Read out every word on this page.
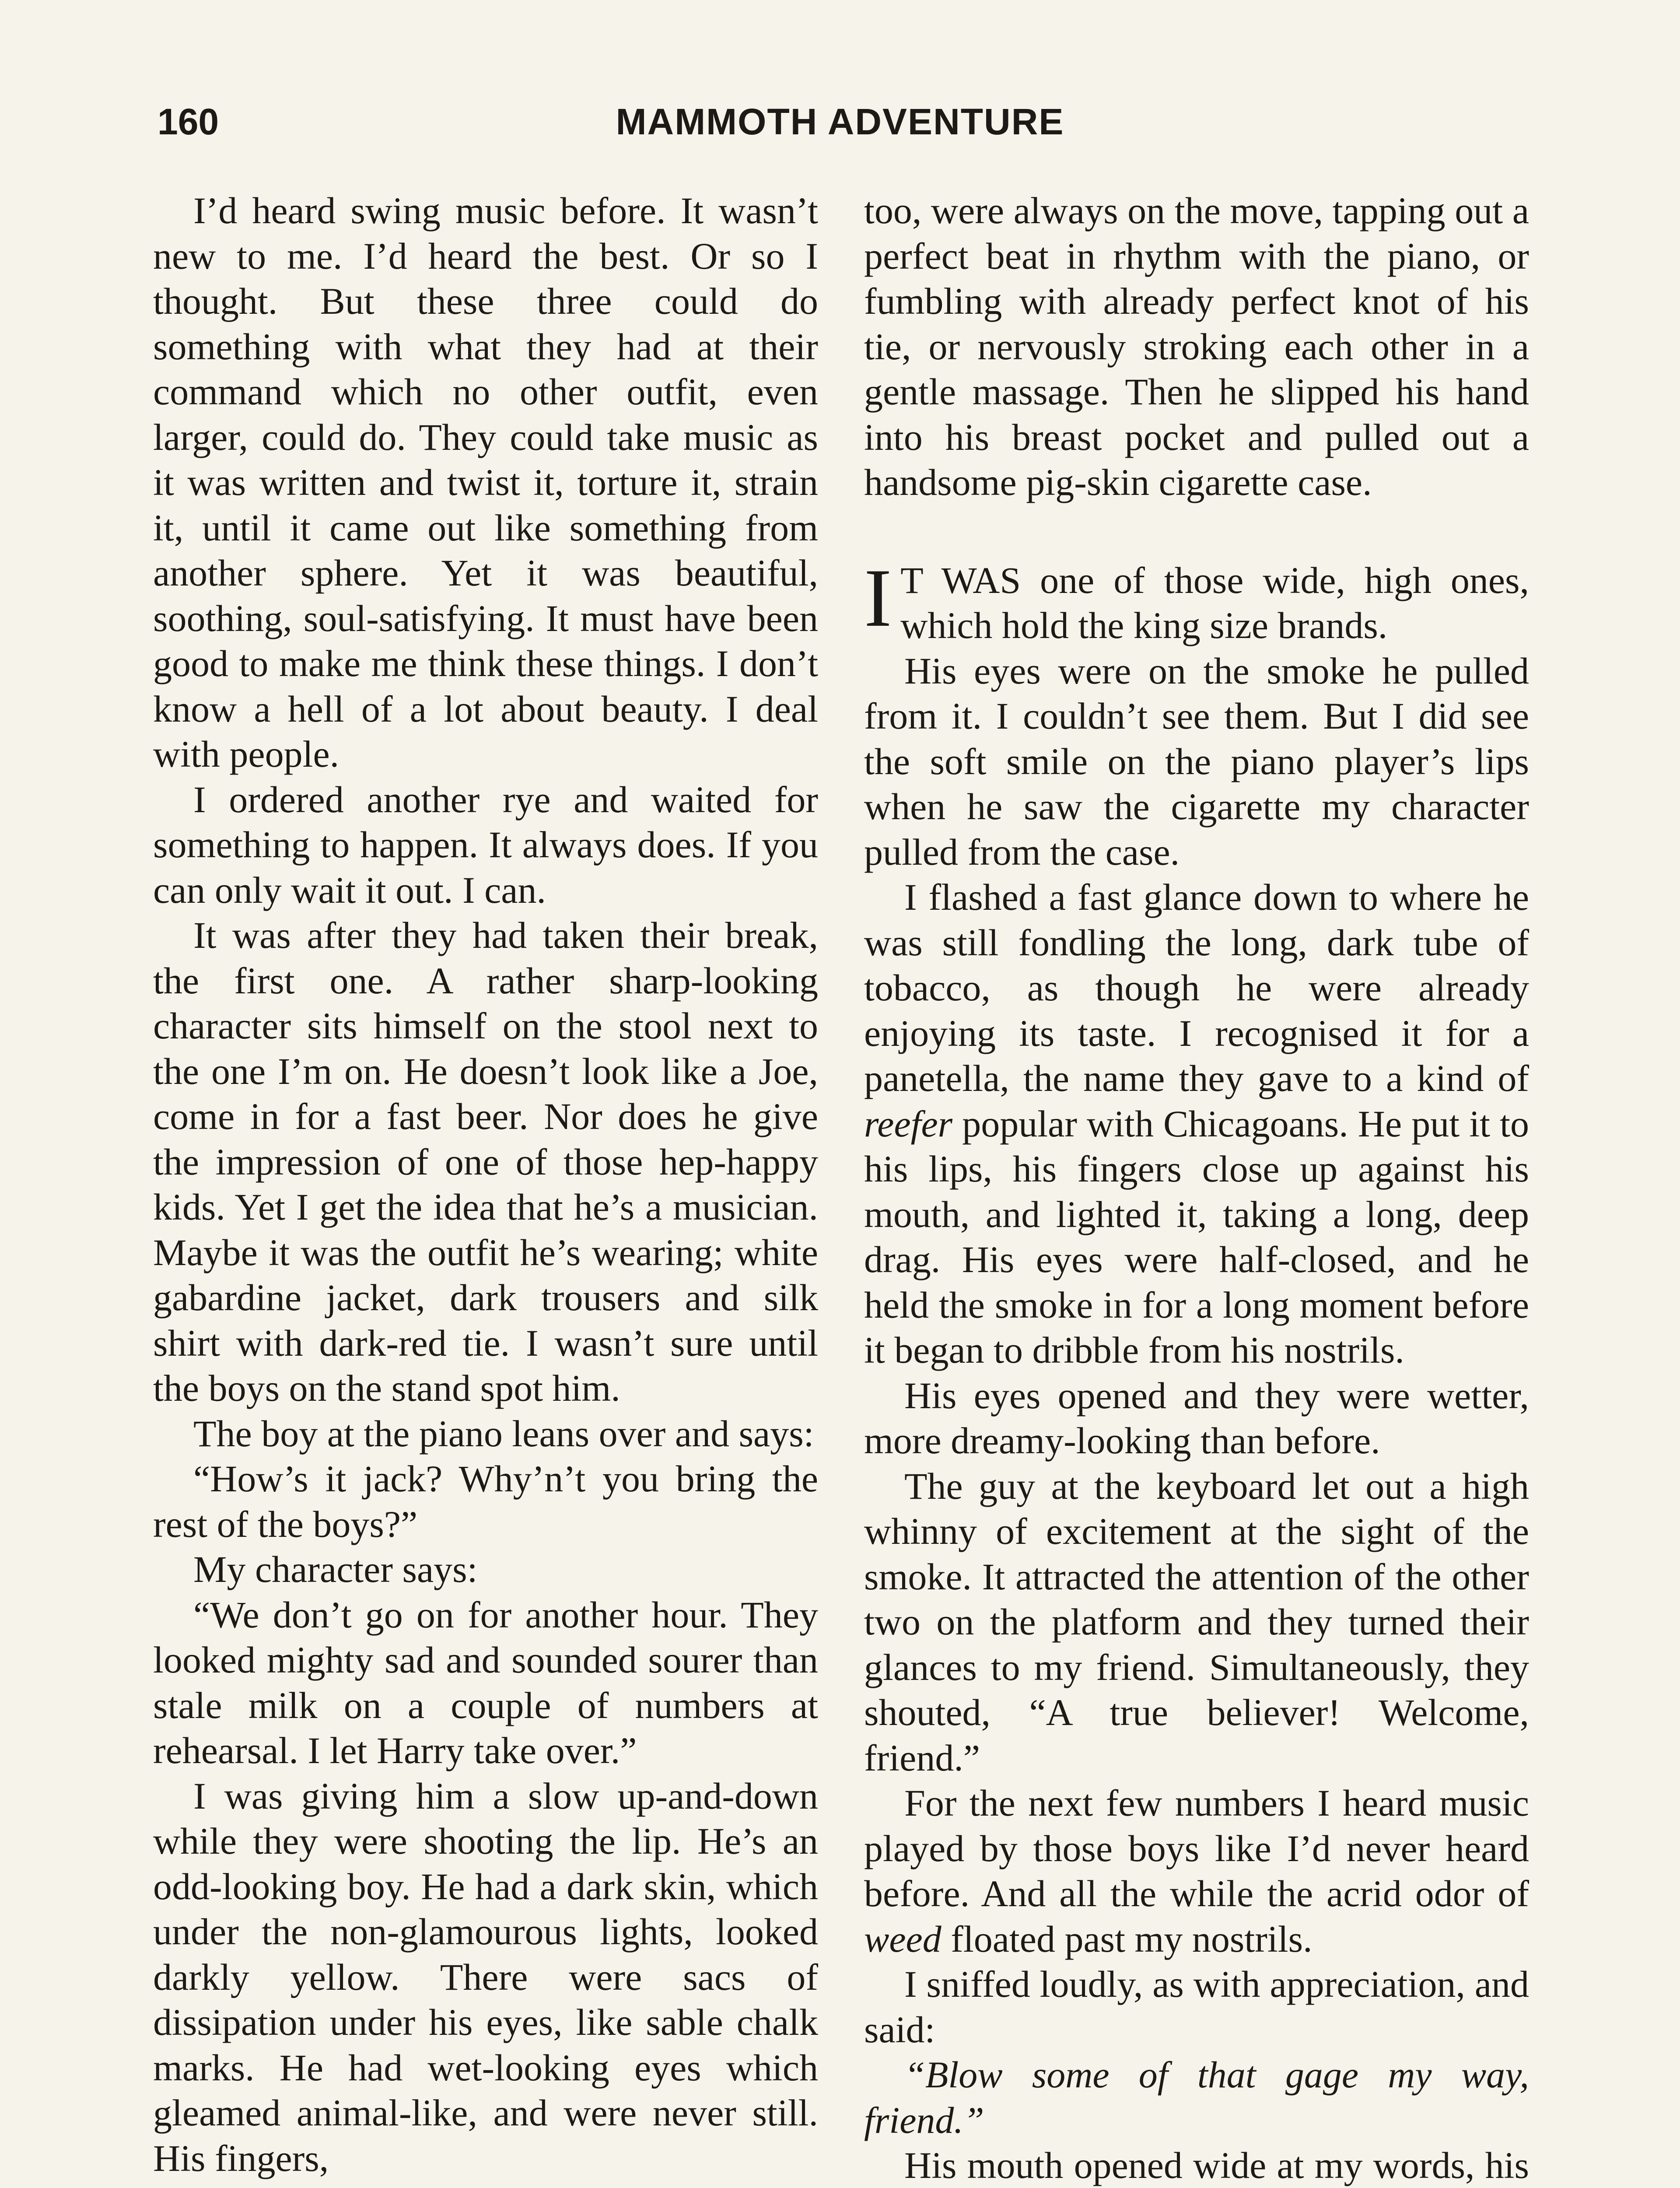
160	MAMMOTH ADVENTURE

I’d heard swing music before. It wasn’t new to me. I’d heard the best. Or so I thought. But these three could do something with what they had at their command which no other outfit, even larger, could do. They could take music as it was written and twist it, torture it, strain it, until it came out like something from another sphere. Yet it was beautiful, soothing, soul-satisfying. It must have been good to make me think these things. I don’t know a hell of a lot about beauty. I deal with people.

I ordered another rye and waited for something to happen. It always does. If you can only wait it out. I can.

It was after they had taken their break, the first one. A rather sharp-looking character sits himself on the stool next to the one I’m on. He doesn’t look like a Joe, come in for a fast beer. Nor does he give the impression of one of those hep-happy kids. Yet I get the idea that he’s a musician. Maybe it was the outfit he’s wearing; white gabardine jacket, dark trousers and silk shirt with dark-red tie. I wasn’t sure until the boys on the stand spot him.

The boy at the piano leans over and says:

“How’s it jack? Why’n’t you bring the rest of the boys?”

My character says:

“We don’t go on for another hour. They looked mighty sad and sounded sourer than stale milk on a couple of numbers at rehearsal. I let Harry take over.”

I was giving him a slow up-and-down while they were shooting the lip. He’s an odd-looking boy. He had a dark skin, which under the non-glamourous lights, looked darkly yellow. There were sacs of dissipation under his eyes, like sable chalk marks. He had wet-looking eyes which gleamed animal-like, and were never still. His fingers,

too, were always on the move, tapping out a perfect beat in rhythm with the piano, or fumbling with already perfect knot of his tie, or nervously stroking each other in a gentle massage. Then he slipped his hand into his breast pocket and pulled out a handsome pig-skin cigarette case.

I T WAS one of those wide, high ones, which hold the king size brands.

His eyes were on the smoke he pulled from it. I couldn’t see them. But I did see the soft smile on the piano player’s lips when he saw the cigarette my character pulled from the case.

I flashed a fast glance down to where he was still fondling the long, dark tube of tobacco, as though he were already enjoying its taste. I recognised it for a panetella, the name they gave to a kind of reefer popular with Chicagoans. He put it to his lips, his fingers close up against his mouth, and lighted it, taking a long, deep drag. His eyes were half-closed, and he held the smoke in for a long moment before it began to dribble from his nostrils.

His eyes opened and they were wetter, more dreamy-looking than before.

The guy at the keyboard let out a high whinny of excitement at the sight of the smoke. It attracted the attention of the other two on the platform and they turned their glances to my friend. Simultaneously, they shouted, “A true believer! Welcome, friend.”

For the next few numbers I heard music played by those boys like I’d never heard before. And all the while the acrid odor of weed floated past my nostrils.

I sniffed loudly, as with appreciation, and said:

“Blow some of that gage my way, friend.”

His mouth opened wide at my words, his
